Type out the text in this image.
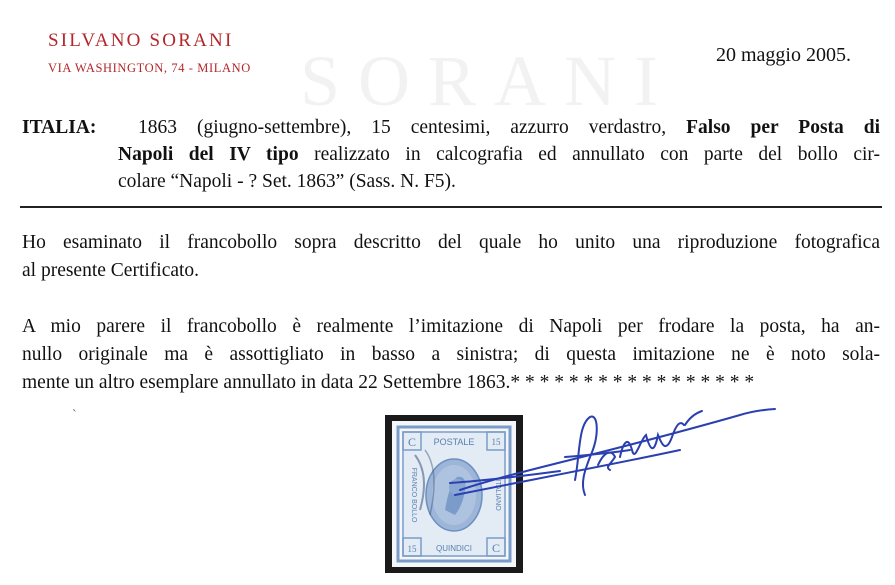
SORANI
SILVANO SORANI
VIA WASHINGTON, 74 - MILANO
20 maggio 2005.
ITALIA: 1863 (giugno-settembre), 15 centesimi, azzurro verdastro, Falso per Posta di
Napoli del IV tipo realizzato in calcografia ed annullato con parte del bollo cir-
colare “Napoli - ? Set. 1863” (Sass. N. F5).
Ho esaminato il francobollo sopra descritto del quale ho unito una riproduzione fotografica
al presente Certificato.
A mio parere il francobollo è realmente l’imitazione di Napoli per frodare la posta, ha an-
nullo originale ma è assottigliato in basso a sinistra; di questa imitazione ne è noto sola-
mente un altro esemplare annullato in data 22 Settembre 1863.* * * * * * * * * * * * * * * * *
ˋ
C	15
15	C
POSTALE
QUINDICI
FRANCO BOLLO	ITALIANO
